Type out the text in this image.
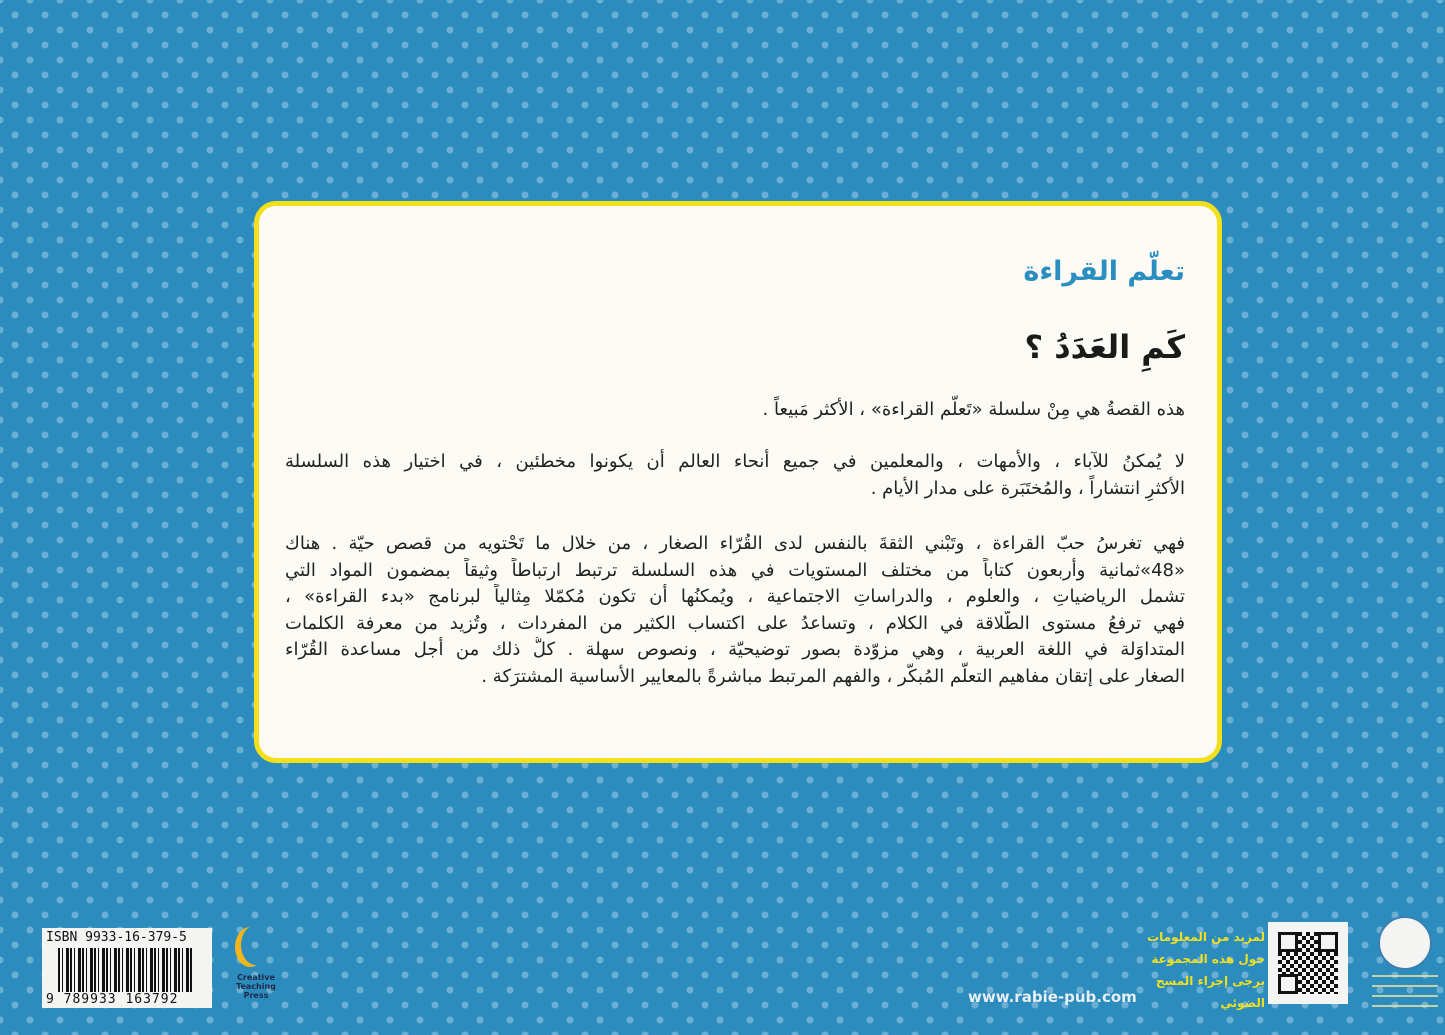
تعلّم القراءة
كَمِ العَدَدُ ؟
هذه القصةُ هي مِنْ سلسلة «تَعلّم القراءة» ، الأكثر مَبيعاً .
لا يُمكنُ للآباء ، والأمهات ، والمعلمين في جميع أنحاء العالم أن يكونوا مخطئين ، في اختيار هذه السلسلة
الأكثرِ انتشاراً ، والمُختَبَرة على مدار الأيام .
فهي تغرسُ حبّ القراءة ، وتَبْني الثقةَ بالنفس لدى القُرّاء الصغار ، من خلال ما تَحْتويه من قصص حيّة . هناك
«48»ثمانية وأربعون كتاباً من مختلف المستويات في هذه السلسلة ترتبط ارتباطاً وثيقاً بمضمون المواد التي
تشمل الرياضياتِ ، والعلوم ، والدراساتِ الاجتماعية ، ويُمكنُها أن تكون مُكمّلا مِثالياً لبرنامج «بدء القراءة» ،
فهي ترفعُ مستوى الطّلاقة في الكلام ، وتساعدُ على اكتساب الكثير من المفردات ، وتُزيد من معرفة الكلمات
المتداوَلة في اللغة العربية ، وهي مزوّدة بصور توضيحيّة ، ونصوص سهلة . كلُّ ذلك من أجل مساعدة القُرّاء
الصغار على إتقان مفاهيم التعلّم المُبكّر ، والفهم المرتبط مباشرةً بالمعايير الأساسية المشترَكة .
ISBN 9933-16-379-5
9 789933 163792
Creative Teaching Press	www.rabie-pub.com
لمزيد من المعلومات
حول هذه المجموعة
يرجى إجراء المسح
الضوئي
